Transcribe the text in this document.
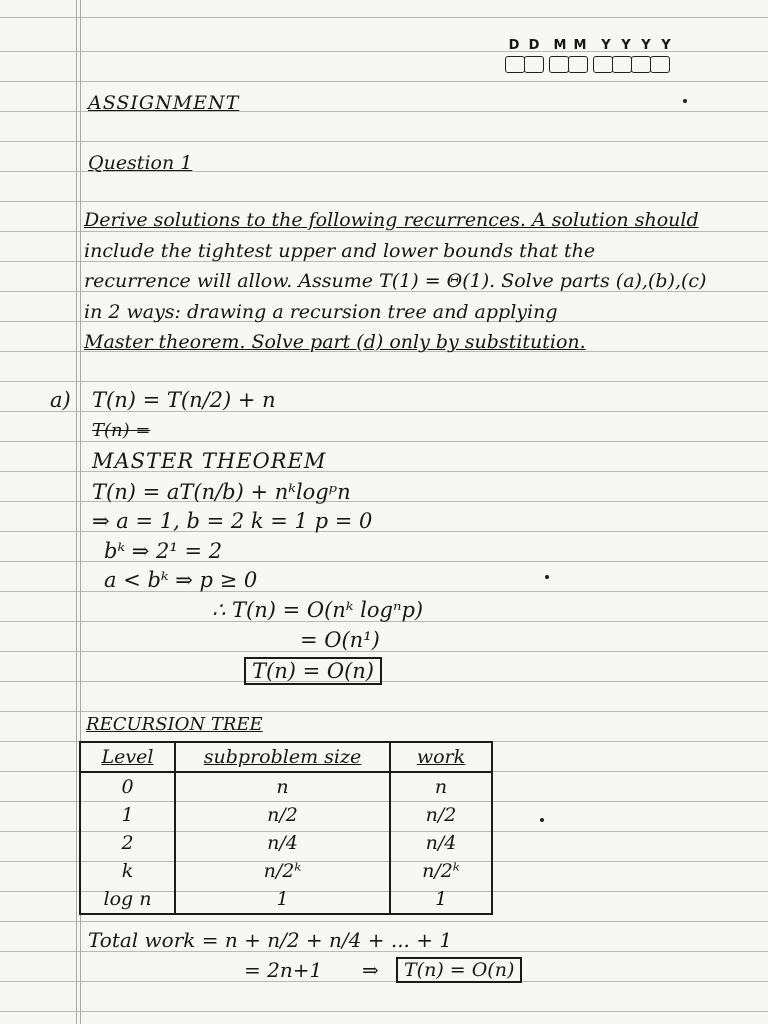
D D M M Y Y Y Y
ASSIGNMENT
Question 1
Derive solutions to the following recurrences. A solution should
include the tightest upper and lower bounds that the
recurrence will allow. Assume T(1) = Θ(1). Solve parts (a),(b),(c)
in 2 ways: drawing a recursion tree and applying
Master theorem. Solve part (d) only by substitution.
a) T(n) = T(n/2) + n
T(n) =
MASTER THEOREM
T(n) = aT(n/b) + nᵏlogᵖn
⇒ a = 1, b = 2 k = 1 p = 0
bᵏ ⇒ 2¹ = 2
a < bᵏ ⇒ p ≥ 0
∴ T(n) = O(nᵏ logⁿp)
= O(n¹)
T(n) = O(n)
RECURSION TREE
Level	subproblem size	work
0	n	n
1	n/2	n/2
2	n/4	n/4
k	n/2ᵏ	n/2ᵏ
log n	1	1
Total work = n + n/2 + n/4 + ... + 1
= 2n+1 ⇒	T(n) = O(n)
